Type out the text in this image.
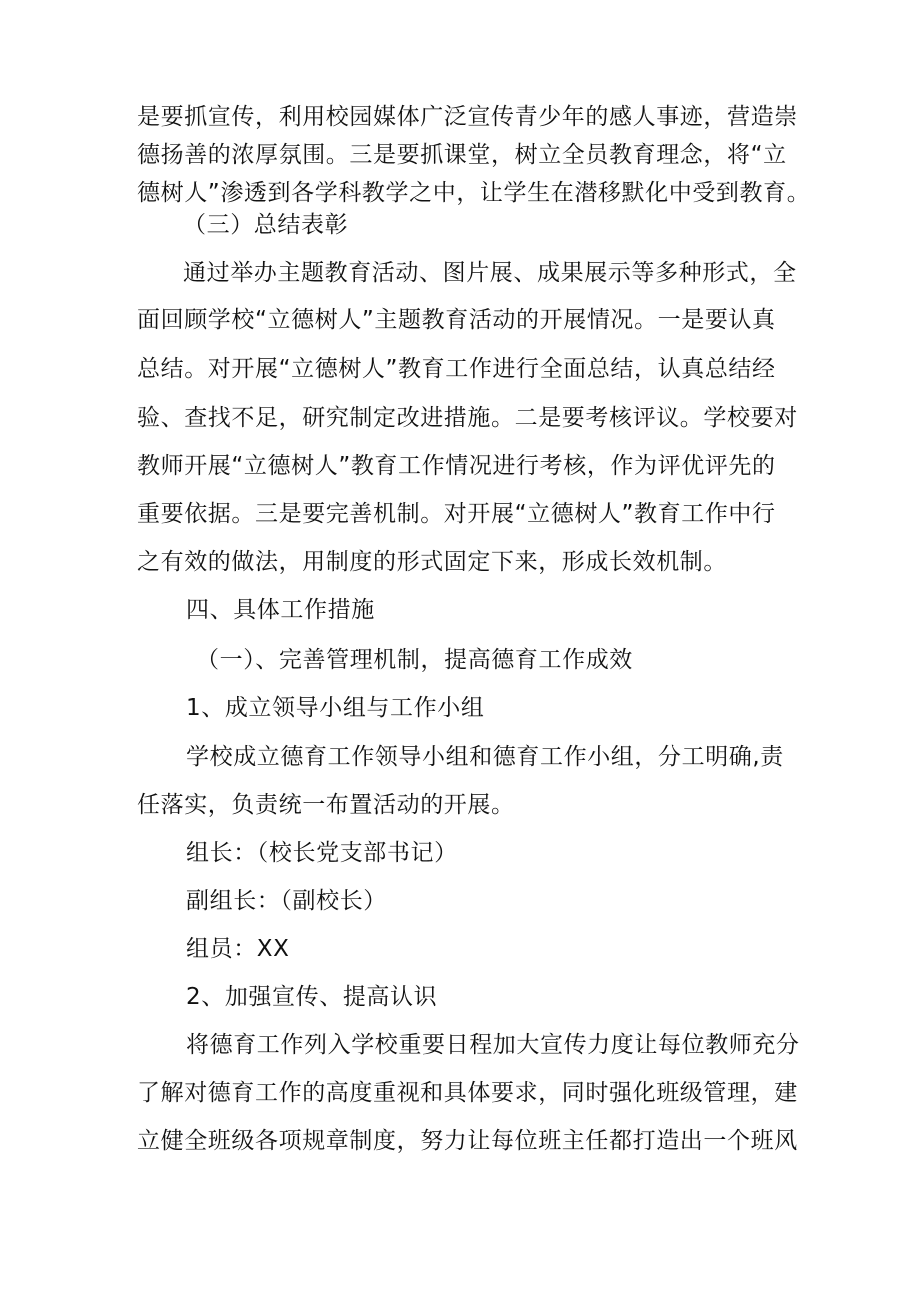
是要抓宣传，利用校园媒体广泛宣传青少年的感人事迹，营造崇
德扬善的浓厚氛围。三是要抓课堂，树立全员教育理念，将“立
德树人”渗透到各学科教学之中，让学生在潜移默化中受到教育。
（三）总结表彰
通过举办主题教育活动、图片展、成果展示等多种形式，全
面回顾学校“立德树人”主题教育活动的开展情况。一是要认真
总结。对开展“立德树人”教育工作进行全面总结，认真总结经
验、查找不足，研究制定改进措施。二是要考核评议。学校要对
教师开展“立德树人”教育工作情况进行考核，作为评优评先的
重要依据。三是要完善机制。对开展“立德树人”教育工作中行
之有效的做法，用制度的形式固定下来，形成长效机制。
四、具体工作措施
（一）、完善管理机制，提高德育工作成效
1、成立领导小组与工作小组
学校成立德育工作领导小组和德育工作小组，分工明确,责
任落实，负责统一布置活动的开展。
组长：（校长党支部书记）
副组长：（副校长）
组员：XX
2、加强宣传、提高认识
将德育工作列入学校重要日程加大宣传力度让每位教师充分
了解对德育工作的高度重视和具体要求，同时强化班级管理，建
立健全班级各项规章制度，努力让每位班主任都打造出一个班风
